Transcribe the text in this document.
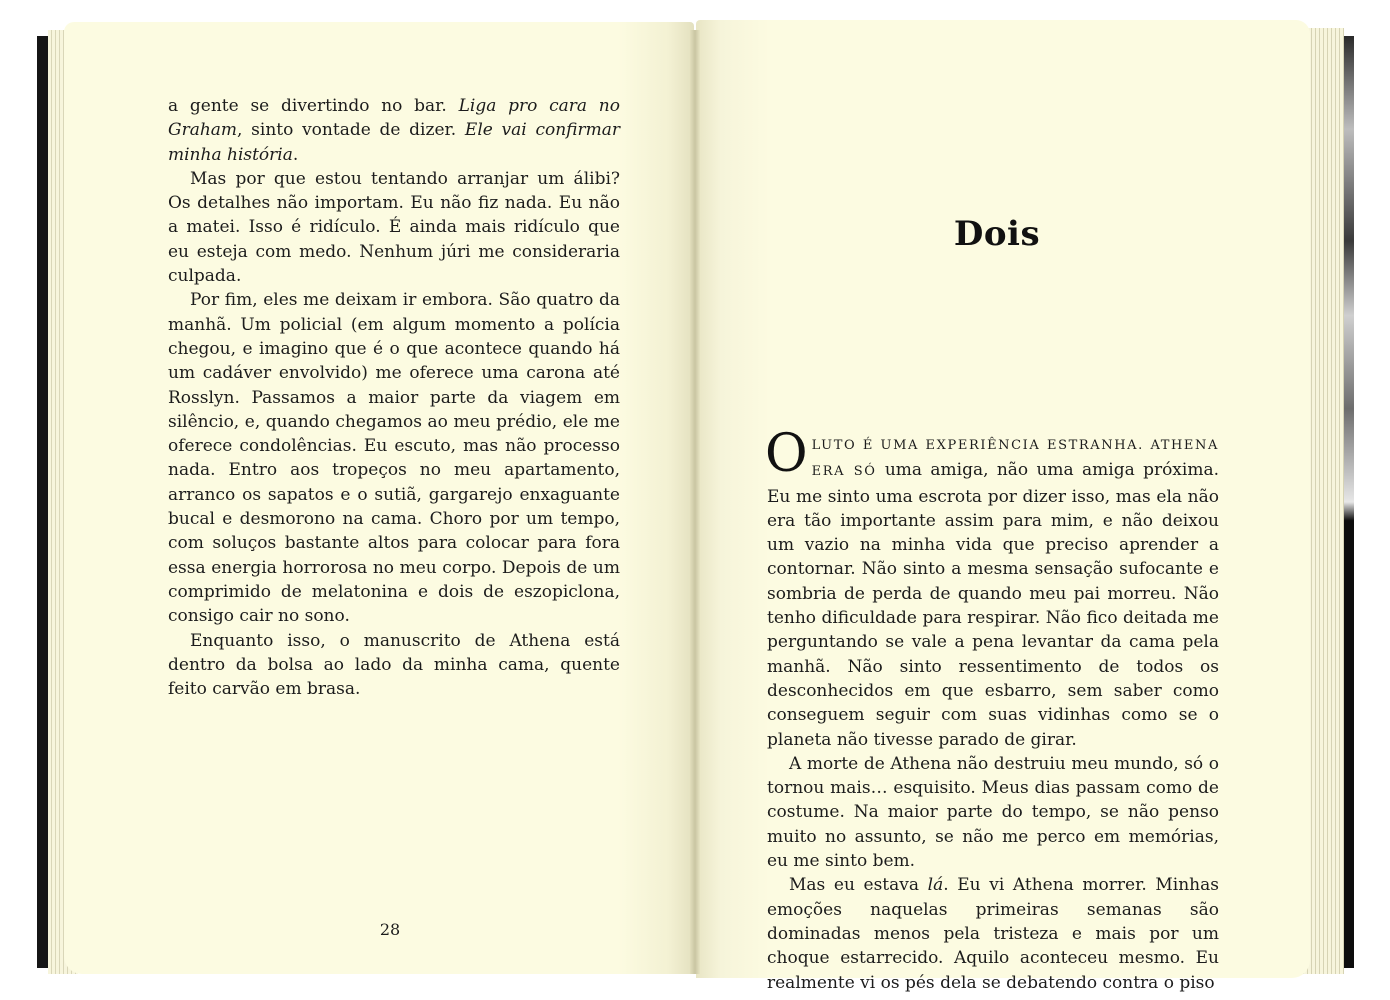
a gente se divertindo no bar. Liga pro cara no Graham, sinto vontade de dizer. Ele vai confirmar minha história.

Mas por que estou tentando arranjar um álibi? Os detalhes não importam. Eu não fiz nada. Eu não a matei. Isso é ridículo. É ainda mais ridículo que eu esteja com medo. Nenhum júri me consideraria culpada.

Por fim, eles me deixam ir embora. São quatro da manhã. Um policial (em algum momento a polícia chegou, e imagino que é o que acontece quando há um cadáver envolvido) me oferece uma carona até Rosslyn. Passamos a maior parte da viagem em silêncio, e, quando chegamos ao meu prédio, ele me oferece condolências. Eu escuto, mas não processo nada. Entro aos tropeços no meu apartamento, arranco os sapatos e o sutiã, gargarejo enxaguante bucal e desmorono na cama. Choro por um tempo, com soluços bastante altos para colocar para fora essa energia horrorosa no meu corpo. Depois de um comprimido de melatonina e dois de eszopiclona, consigo cair no sono.

Enquanto isso, o manuscrito de Athena está dentro da bolsa ao lado da minha cama, quente feito carvão em brasa.

28
Dois

OLUTO É UMA EXPERIÊNCIA ESTRANHA. ATHENA ERA SÓ uma amiga, não uma amiga próxima. Eu me sinto uma escrota por dizer isso, mas ela não era tão importante assim para mim, e não deixou um vazio na minha vida que preciso aprender a contornar. Não sinto a mesma sensação sufocante e sombria de perda de quando meu pai morreu. Não tenho dificuldade para respirar. Não fico deitada me perguntando se vale a pena levantar da cama pela manhã. Não sinto ressentimento de todos os desconhecidos em que esbarro, sem saber como conseguem seguir com suas vidinhas como se o planeta não tivesse parado de girar.

A morte de Athena não destruiu meu mundo, só o tornou mais… esquisito. Meus dias passam como de costume. Na maior parte do tempo, se não penso muito no assunto, se não me perco em memórias, eu me sinto bem.

Mas eu estava lá. Eu vi Athena morrer. Minhas emoções naquelas primeiras semanas são dominadas menos pela tristeza e mais por um choque estarrecido. Aquilo aconteceu mesmo. Eu realmente vi os pés dela se debatendo contra o piso
